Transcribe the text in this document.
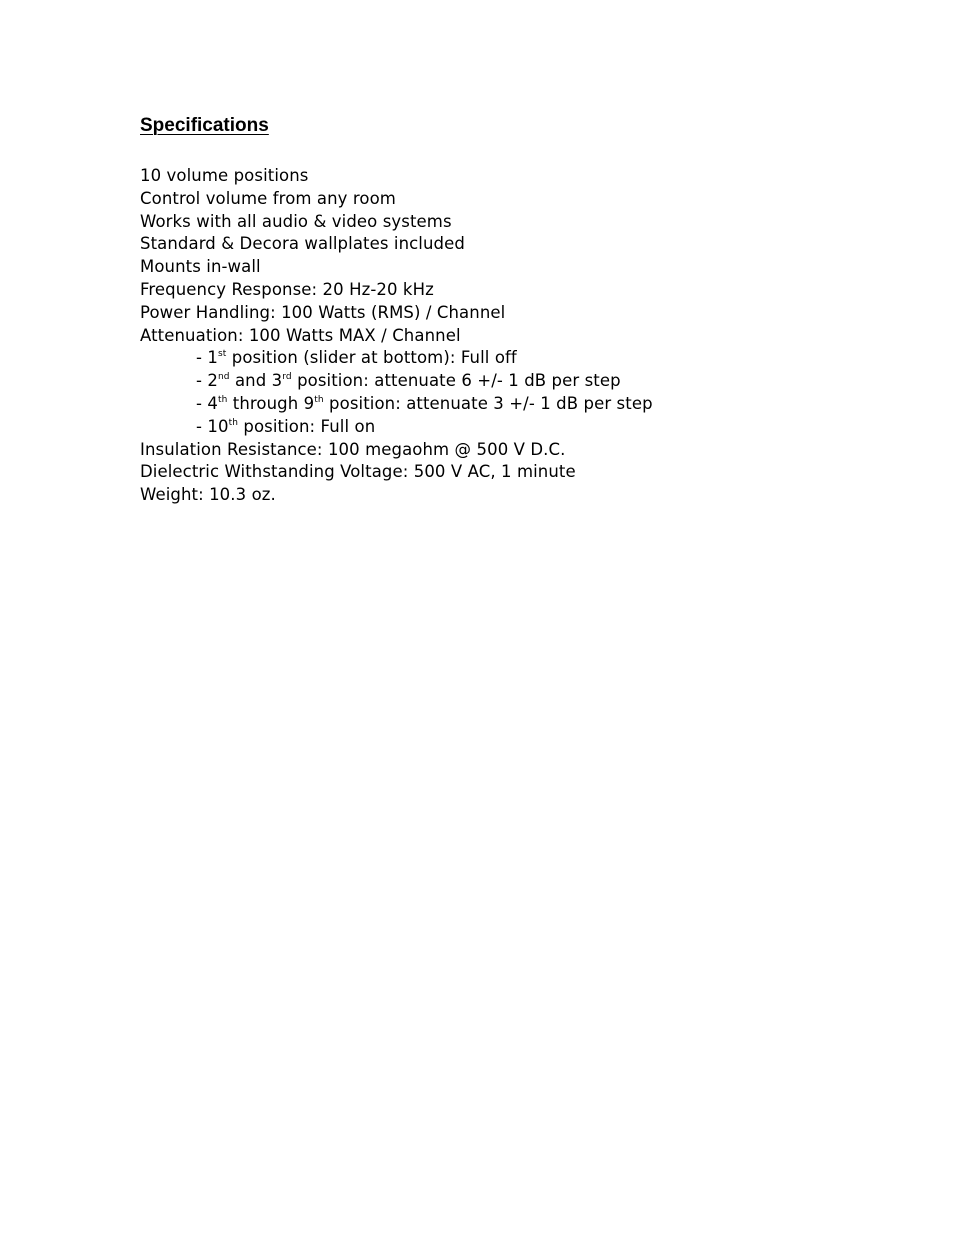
Specifications
10 volume positions
Control volume from any room
Works with all audio & video systems
Standard & Decora wallplates included
Mounts in-wall
Frequency Response: 20 Hz-20 kHz
Power Handling: 100 Watts (RMS) / Channel
Attenuation: 100 Watts MAX / Channel
- 1st position (slider at bottom): Full off
- 2nd and 3rd position: attenuate 6 +/- 1 dB per step
- 4th through 9th position: attenuate 3 +/- 1 dB per step
- 10th position: Full on
Insulation Resistance: 100 megaohm @ 500 V D.C.
Dielectric Withstanding Voltage: 500 V AC, 1 minute
Weight: 10.3 oz.
